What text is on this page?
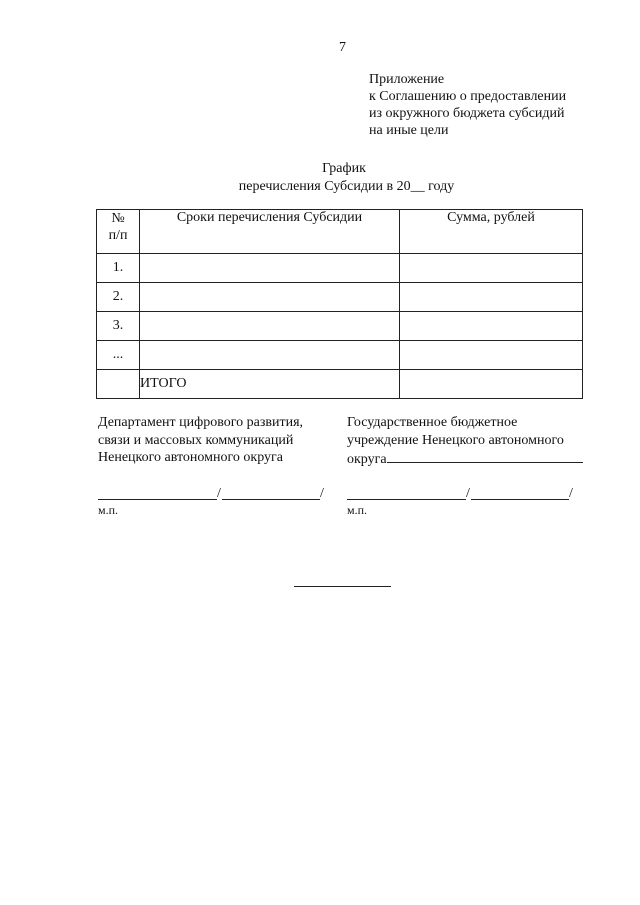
7
Приложение
к Соглашению о предоставлении
из окружного бюджета субсидий
на иные цели
График
перечисления Субсидии в 20__ году
№
п/п	Сроки перечисления Субсидии	Сумма, рублей
1.		
2.		
3.		
...		
	ИТОГО	
Департамент цифрового развития,
связи и массовых коммуникаций
Ненецкого автономного округа
Государственное бюджетное
учреждение Ненецкого автономного
округа
/	/	/	/
м.п.	м.п.
